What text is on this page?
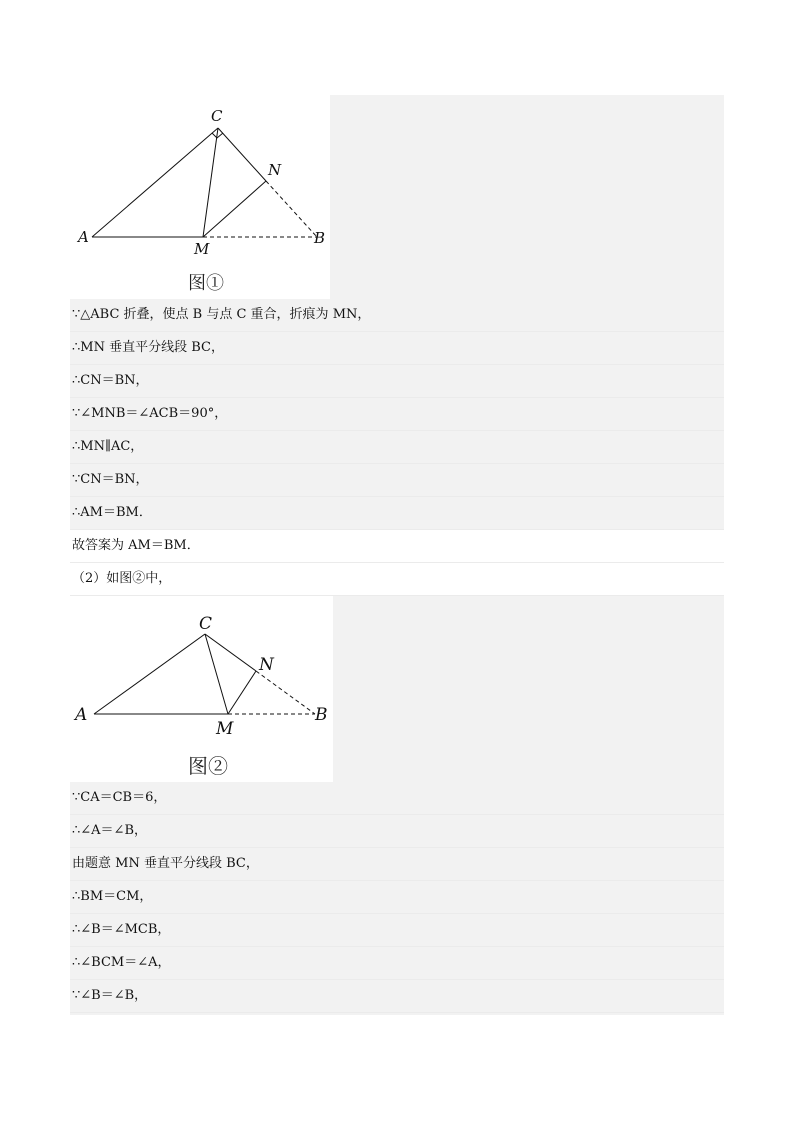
C
N
A
M
B
图①
∵△ABC 折叠，使点 B 与点 C 重合，折痕为 MN，
∴MN 垂直平分线段 BC，
∴CN＝BN，
∵∠MNB＝∠ACB＝90°，
∴MN∥AC，
∵CN＝BN，
∴AM＝BM．
故答案为 AM＝BM．
（2）如图②中，
C
N
A
M
B
图②
∵CA＝CB＝6，
∴∠A＝∠B，
由题意 MN 垂直平分线段 BC，
∴BM＝CM，
∴∠B＝∠MCB，
∴∠BCM＝∠A，
∵∠B＝∠B，
